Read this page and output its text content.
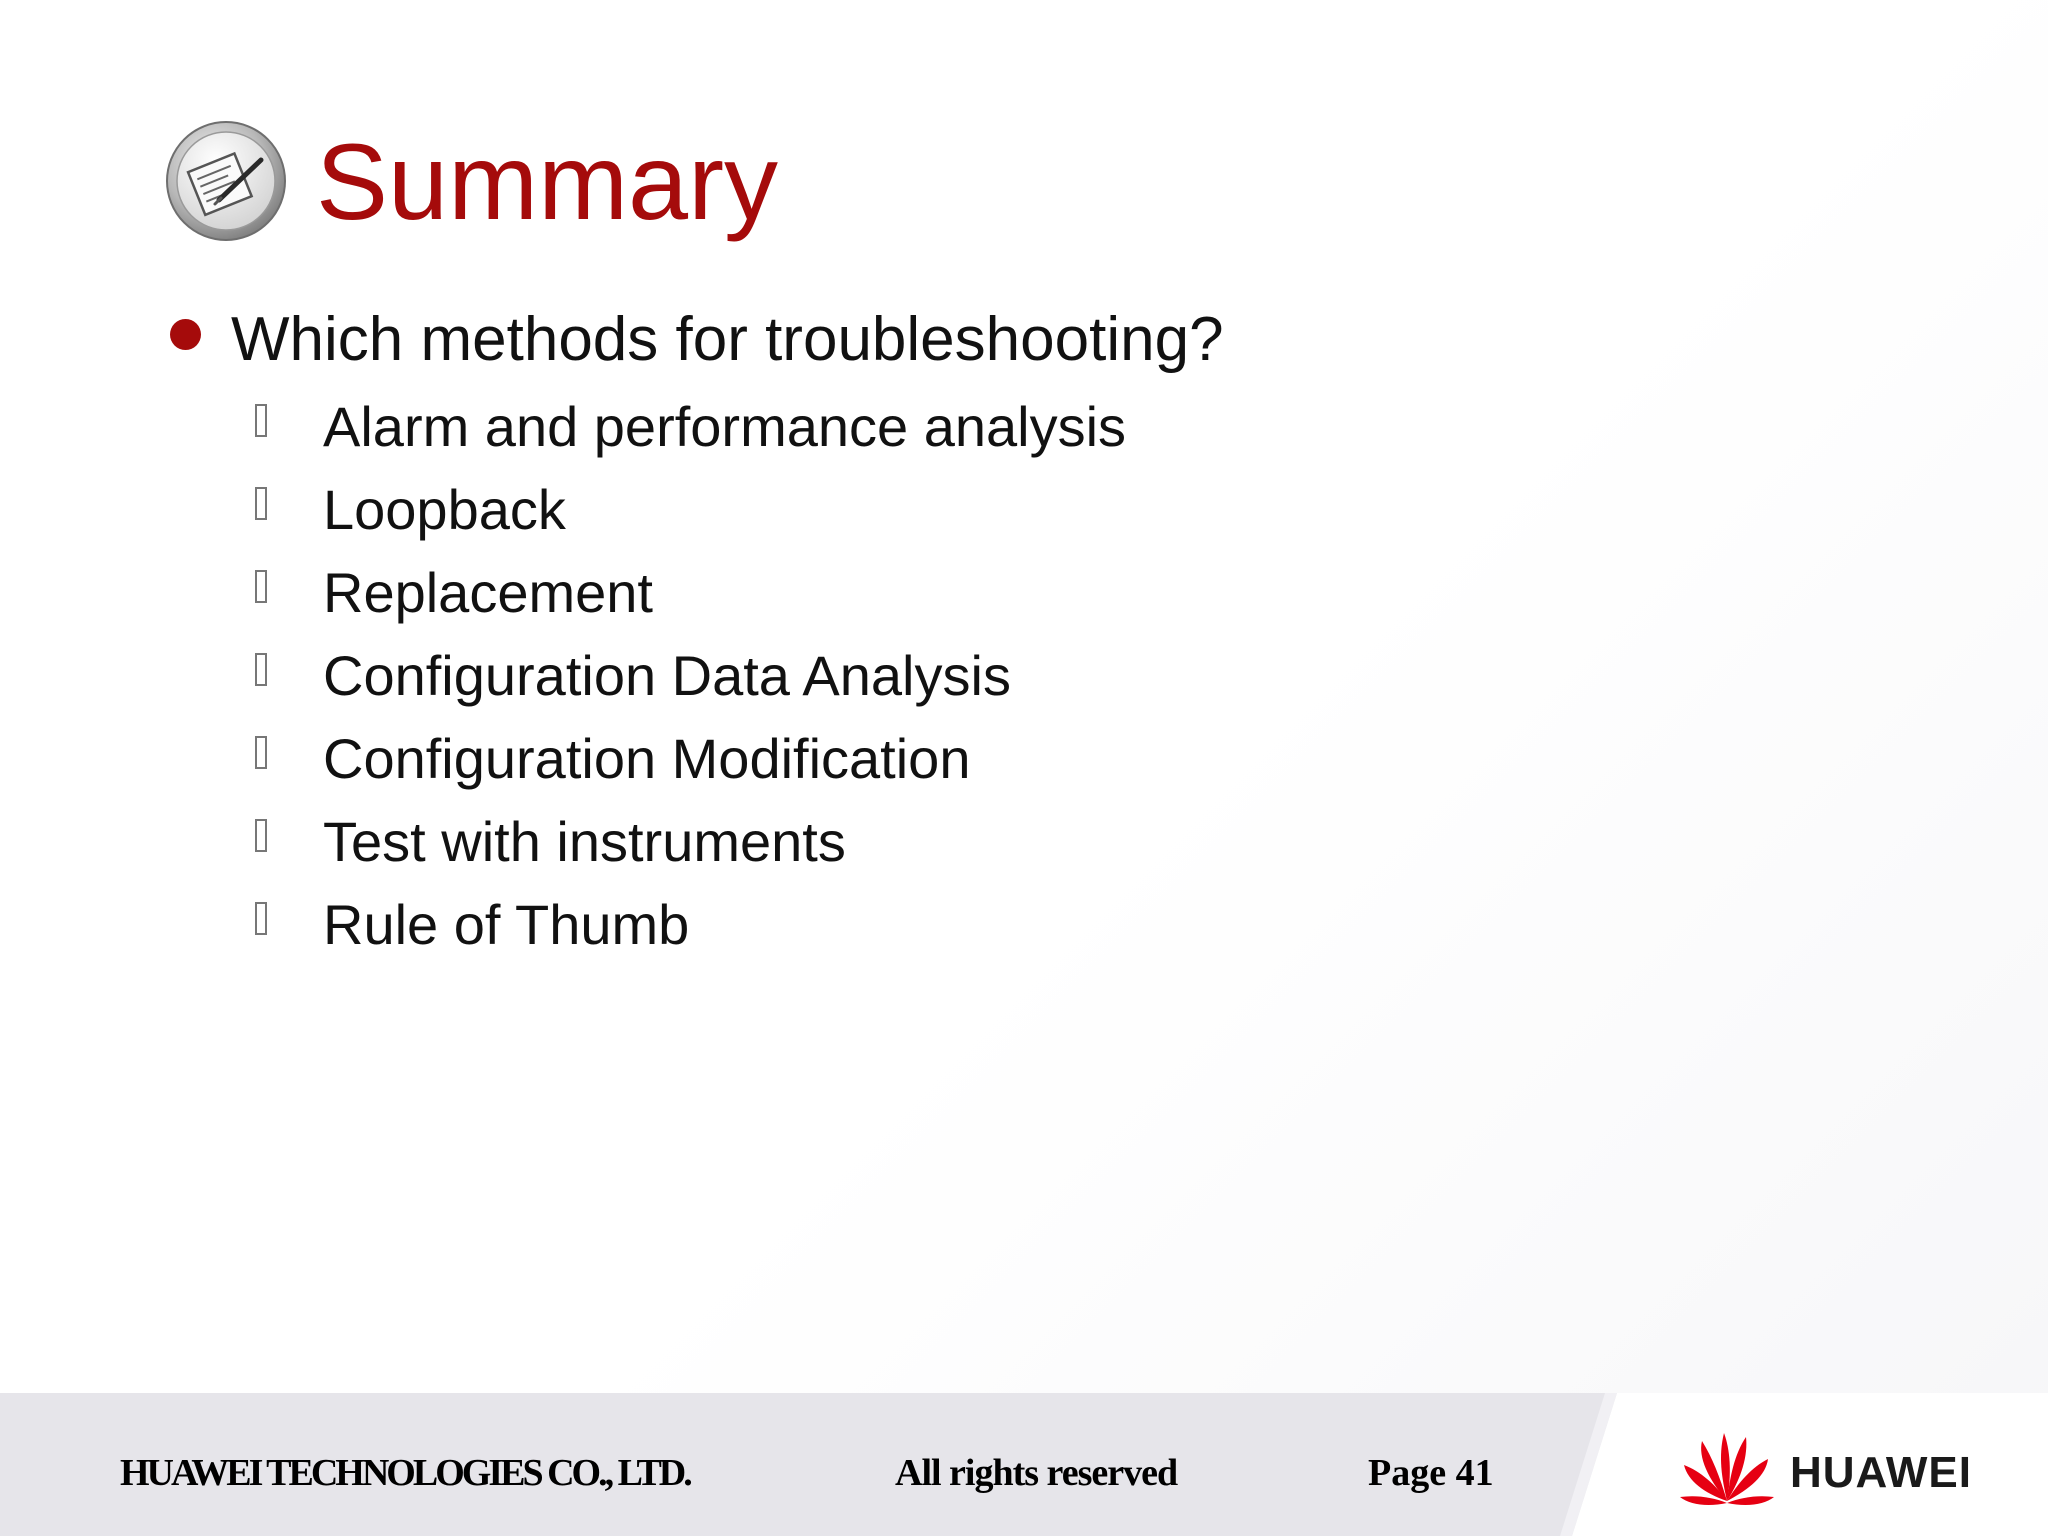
Summary
Which methods for troubleshooting?
Alarm and performance analysis
Loopback
Replacement
Configuration Data Analysis
Configuration Modification
Test with instruments
Rule of Thumb
HUAWEI TECHNOLOGIES CO., LTD.	All rights reserved	Page 41	HUAWEI
